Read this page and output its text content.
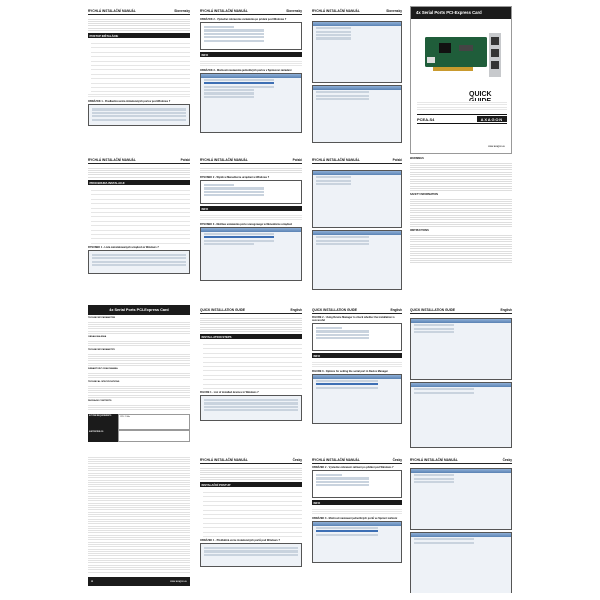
RYCHLÁ INSTALAČNÍ MANUÁL	Slovensky
POSTUP INŠTALÁCIE
OBRÁZOK 1 - Predbežná verzia inštalovaných portov pod Windows 7
RYCHLÁ INSTALAČNÍ MANUÁL	Slovensky
OBRÁZOK 2 - Výsledné zobrazenie zariadenia po pridaní pod Windows 7
INFO
OBRÁZOK 3 - Možnosti nastavenia jednotlivých portov v Správcovi zariadení
RYCHLÁ INSTALAČNÍ MANUÁL	Slovensky	4x Serial Ports PCI-Express Card
QUICK
PCEA-S4	AXAGON
www.axagon.eu
RYCHLÁ INSTALAČNÍ MANUÁL	Polski
PROCEDURA INSTALACJI
RYSUNEK 1 - Lista zainstalowanych urządzeń w Windows 7
RYCHLÁ INSTALAČNÍ MANUÁL	Polski
RYSUNEK 2 - Wynik w Menedżerze urządzeń w Windows 7
INFO
RYSUNEK 3 - Możliwe ustawienia portu szeregowego w Menedżerze urządzeń
RYCHLÁ INSTALAČNÍ MANUÁL	Polski	WARNINGS
SAFETY INFORMATION
INSTRUCTIONS
4x Serial Ports PCI-Express Card
TECHNICKÉ PARAMETRE
OBSAH BALENIA
TECHNICKÉ PARAMETRY
ZAWARTOŚĆ OPAKOWANIA
TECHNICAL SPECIFICATIONS
PACKAGE CONTENTS
SYSTEM REQUIREMENTS	CPU: 2 GHz
SUPPORTED OS
QUICK INSTALLATION GUIDE	English
INSTALLATION STEPS
FIGURE 1 - List of installed devices in Windows 7
QUICK INSTALLATION GUIDE	English
FIGURE 2 - Using Device Manager to check whether the installation is successful
INFO
FIGURE 3 - Options for setting the serial port in Device Manager
QUICK INSTALLATION GUIDE	English
♻	www.axagon.eu
RYCHLÁ INSTALAČNÍ MANUÁL	Česky
INSTALAČNÍ POSTUP
OBRÁZEK 1 - Předběžná verze instalovaných portů pod Windows 7
RYCHLÁ INSTALAČNÍ MANUÁL	Česky
OBRÁZEK 2 - Výsledné zobrazení zařízení po přidání pod Windows 7
INFO
OBRÁZEK 3 - Možnosti nastavení jednotlivých portů ve Správci zařízení
RYCHLÁ INSTALAČNÍ MANUÁL	Česky
